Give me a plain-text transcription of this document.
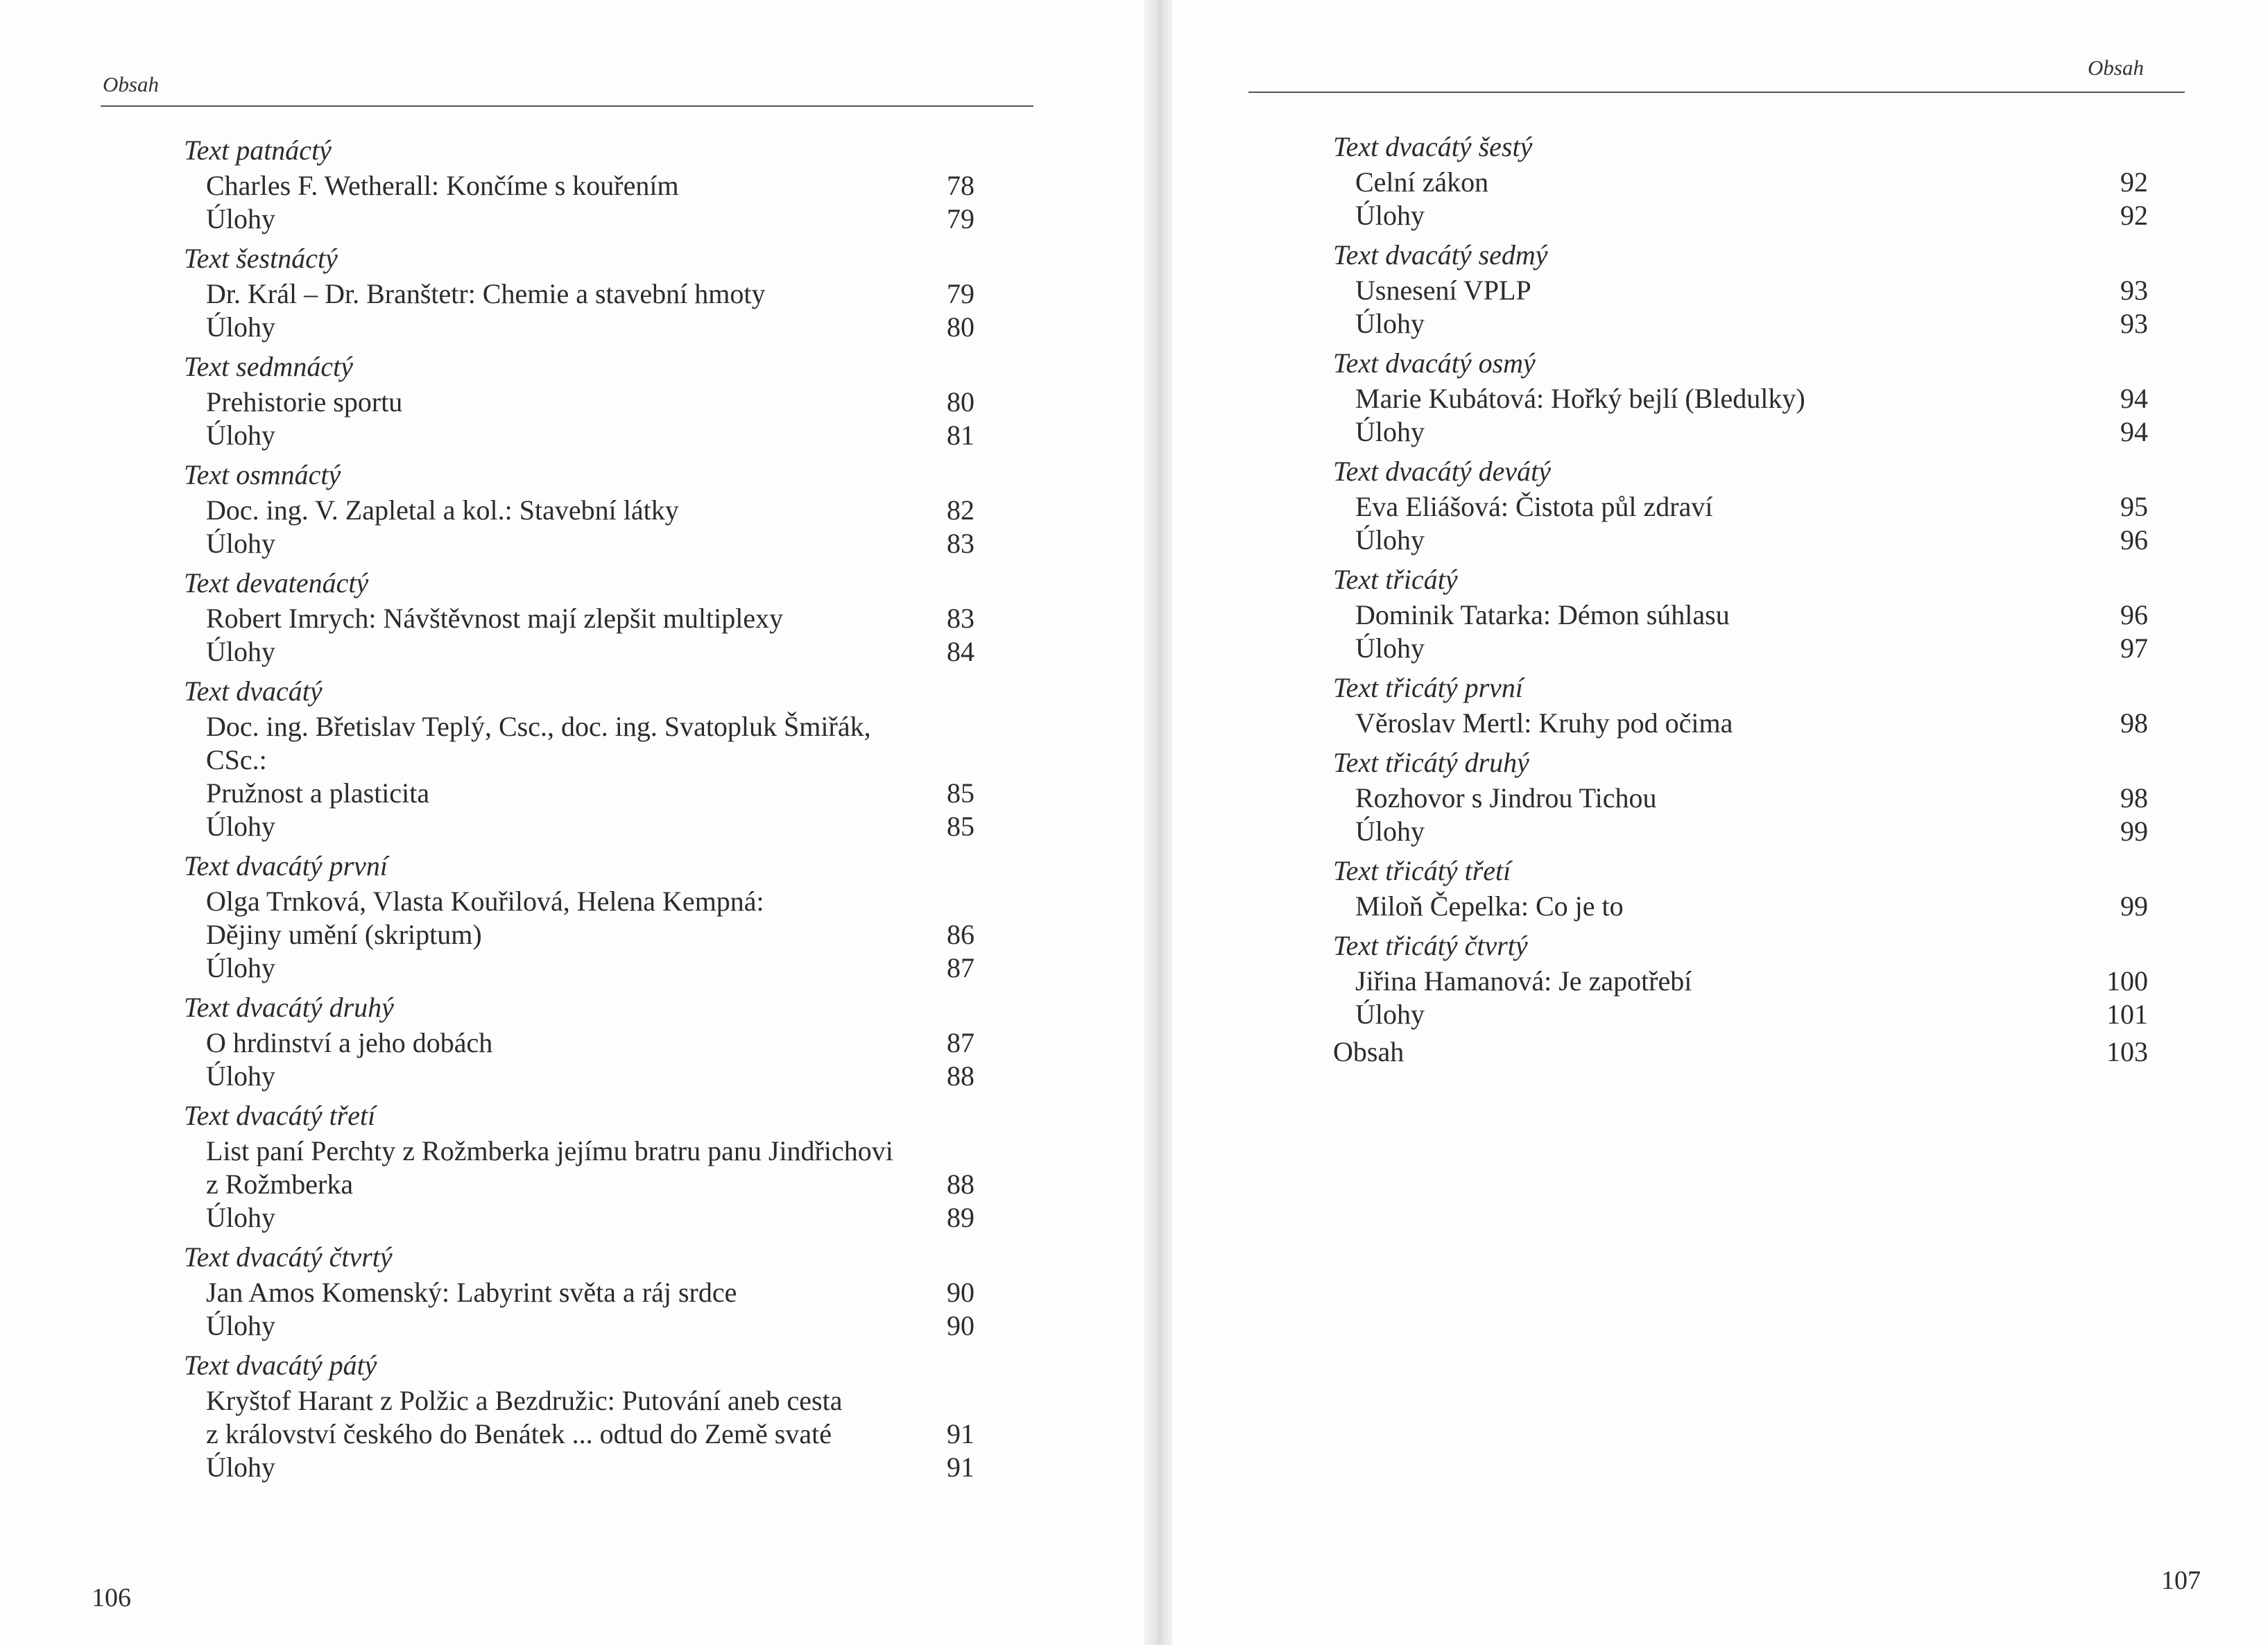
Obsah
Text patnáctý
Charles F. Wetherall: Končíme s kouřením	78
Úlohy	79
Text šestnáctý
Dr. Král – Dr. Branštetr: Chemie a stavební hmoty	79
Úlohy	80
Text sedmnáctý
Prehistorie sportu	80
Úlohy	81
Text osmnáctý
Doc. ing. V. Zapletal a kol.: Stavební látky	82
Úlohy	83
Text devatenáctý
Robert Imrych: Návštěvnost mají zlepšit multiplexy	83
Úlohy	84
Text dvacátý
Doc. ing. Břetislav Teplý, Csc., doc. ing. Svatopluk Šmiřák, CSc.:
Pružnost a plasticita	85
Úlohy	85
Text dvacátý první
Olga Trnková, Vlasta Kouřilová, Helena Kempná:
Dějiny umění (skriptum)	86
Úlohy	87
Text dvacátý druhý
O hrdinství a jeho dobách	87
Úlohy	88
Text dvacátý třetí
List paní Perchty z Rožmberka jejímu bratru panu Jindřichovi
z Rožmberka	88
Úlohy	89
Text dvacátý čtvrtý
Jan Amos Komenský: Labyrint světa a ráj srdce	90
Úlohy	90
Text dvacátý pátý
Kryštof Harant z Polžic a Bezdružic: Putování aneb cesta
z království českého do Benátek ... odtud do Země svaté	91
Úlohy	91
106
Obsah
Text dvacátý šestý
Celní zákon	92
Úlohy	92
Text dvacátý sedmý
Usnesení VPLP	93
Úlohy	93
Text dvacátý osmý
Marie Kubátová: Hořký bejlí (Bledulky)	94
Úlohy	94
Text dvacátý devátý
Eva Eliášová: Čistota půl zdraví	95
Úlohy	96
Text třicátý
Dominik Tatarka: Démon súhlasu	96
Úlohy	97
Text třicátý první
Věroslav Mertl: Kruhy pod očima	98
Text třicátý druhý
Rozhovor s Jindrou Tichou	98
Úlohy	99
Text třicátý třetí
Miloň Čepelka: Co je to	99
Text třicátý čtvrtý
Jiřina Hamanová: Je zapotřebí	100
Úlohy	101
Obsah	103
107
